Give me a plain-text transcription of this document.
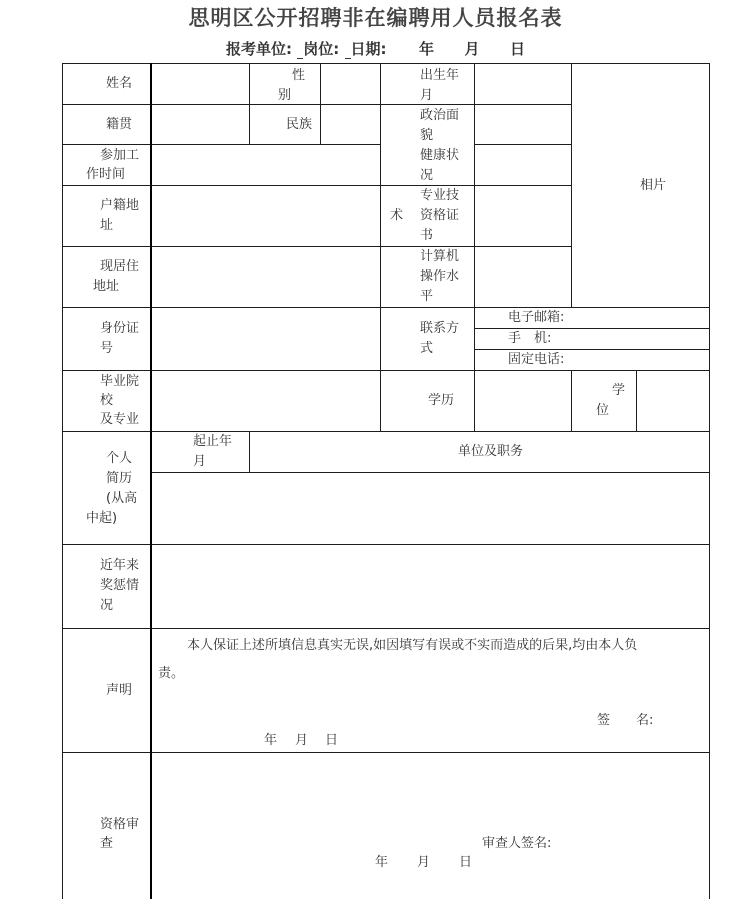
思明区公开招聘非在编聘用人员报名表
报考单位: 岗位: 日期: 年 月 日
姓名
性
别
出生年
月
相片
籍贯	民族
政治面
貌
参加工
作时间
健康状
况
户籍地
址
术
专业技
资格证
书
现居住
地址
计算机
操作水
平
身份证
号
联系方
式
电子邮箱:
手　机:
固定电话:
毕业院
校
及专业
学历
学
位
个人
简历
(从高
中起)
起止年
月
单位及职务
近年来
奖惩情
况
声明
本人保证上述所填信息真实无误,如因填写有误或不实而造成的后果,均由本人负
责。
签　　名:
年 月 日
资格审
查	审查人签名:
年 月 日
